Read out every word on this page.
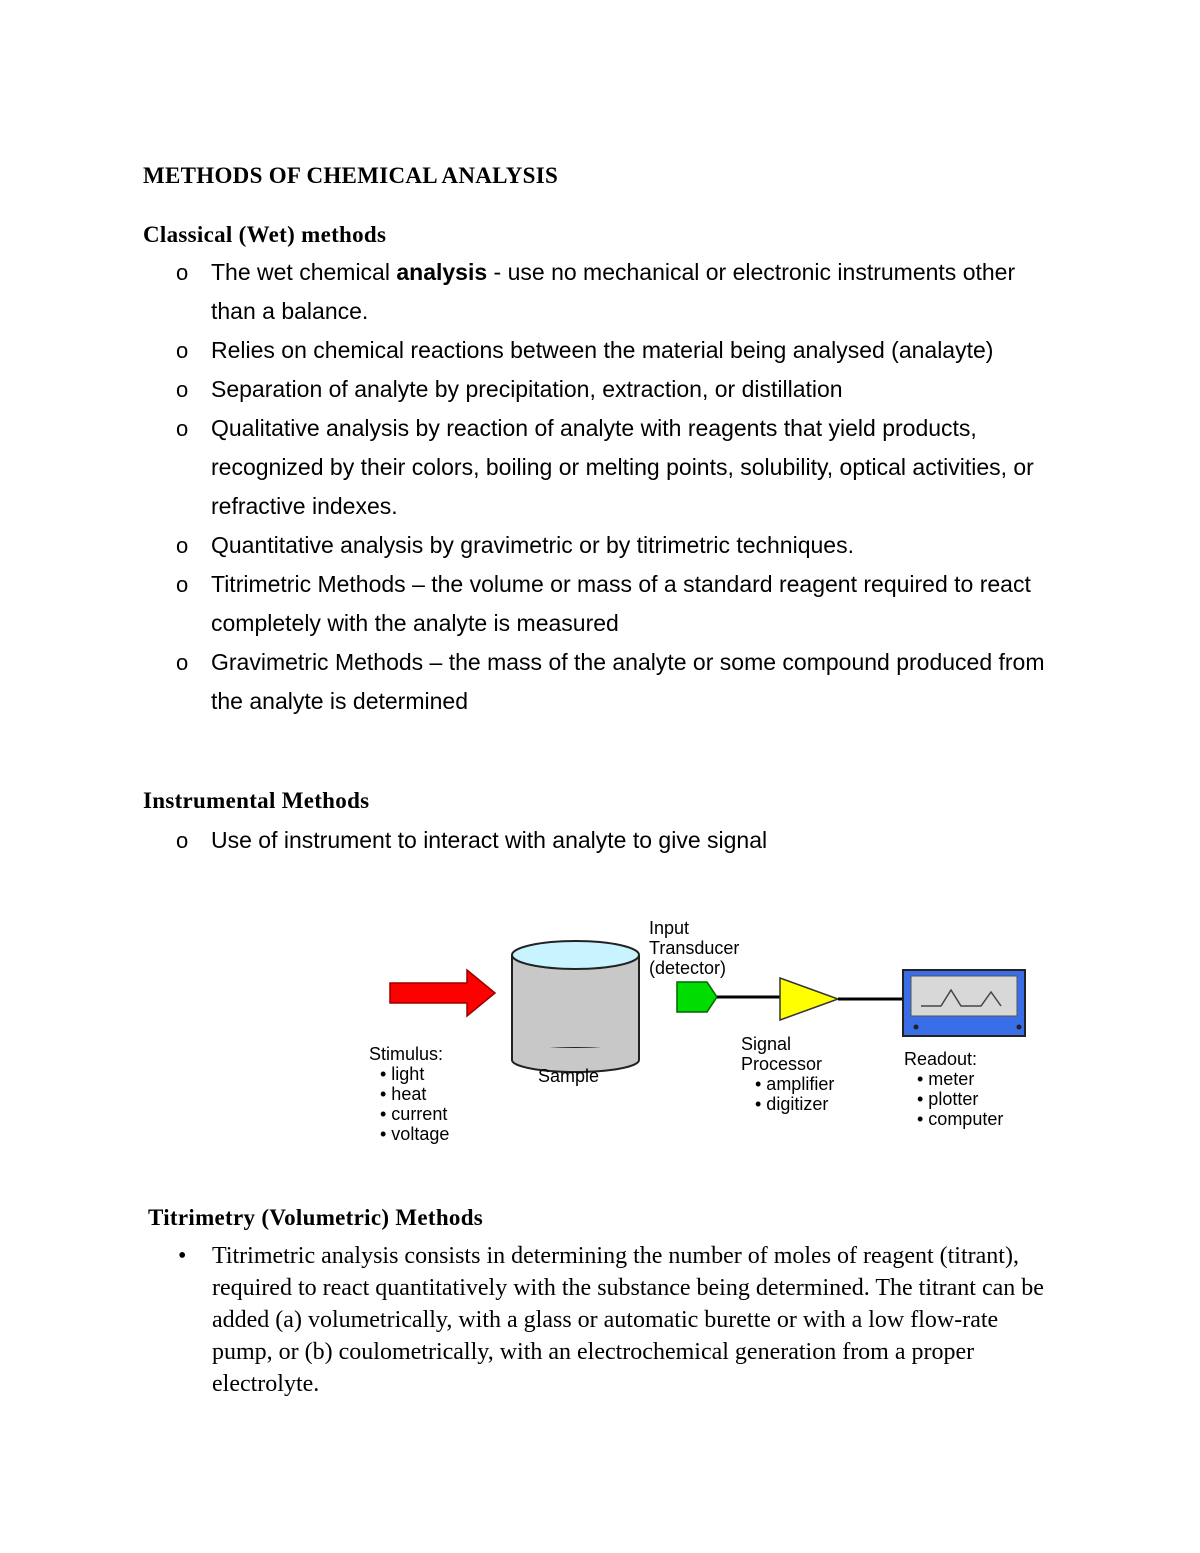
METHODS OF CHEMICAL ANALYSIS
Classical (Wet) methods
o The wet chemical analysis - use no mechanical or electronic instruments other than a balance.
o Relies on chemical reactions between the material being analysed (analayte)
o Separation of analyte by precipitation, extraction, or distillation
o Qualitative analysis by reaction of analyte with reagents that yield products, recognized by their colors, boiling or melting points, solubility, optical activities, or refractive indexes.
o Quantitative analysis by gravimetric or by titrimetric techniques.
o Titrimetric Methods – the volume or mass of a standard reagent required to react completely with the analyte is measured
o Gravimetric Methods – the mass of the analyte or some compound produced from the analyte is determined
Instrumental Methods
o Use of instrument to interact with analyte to give signal
Input
Transducer
(detector)
Stimulus:
• light
• heat
• current
• voltage
Sample
Signal
Processor
• amplifier
• digitizer
Readout:
• meter
• plotter
• computer
Titrimetry (Volumetric) Methods
• Titrimetric analysis consists in determining the number of moles of reagent (titrant), required to react quantitatively with the substance being determined. The titrant can be added (a) volumetrically, with a glass or automatic burette or with a low flow-rate pump, or (b) coulometrically, with an electrochemical generation from a proper electrolyte.
